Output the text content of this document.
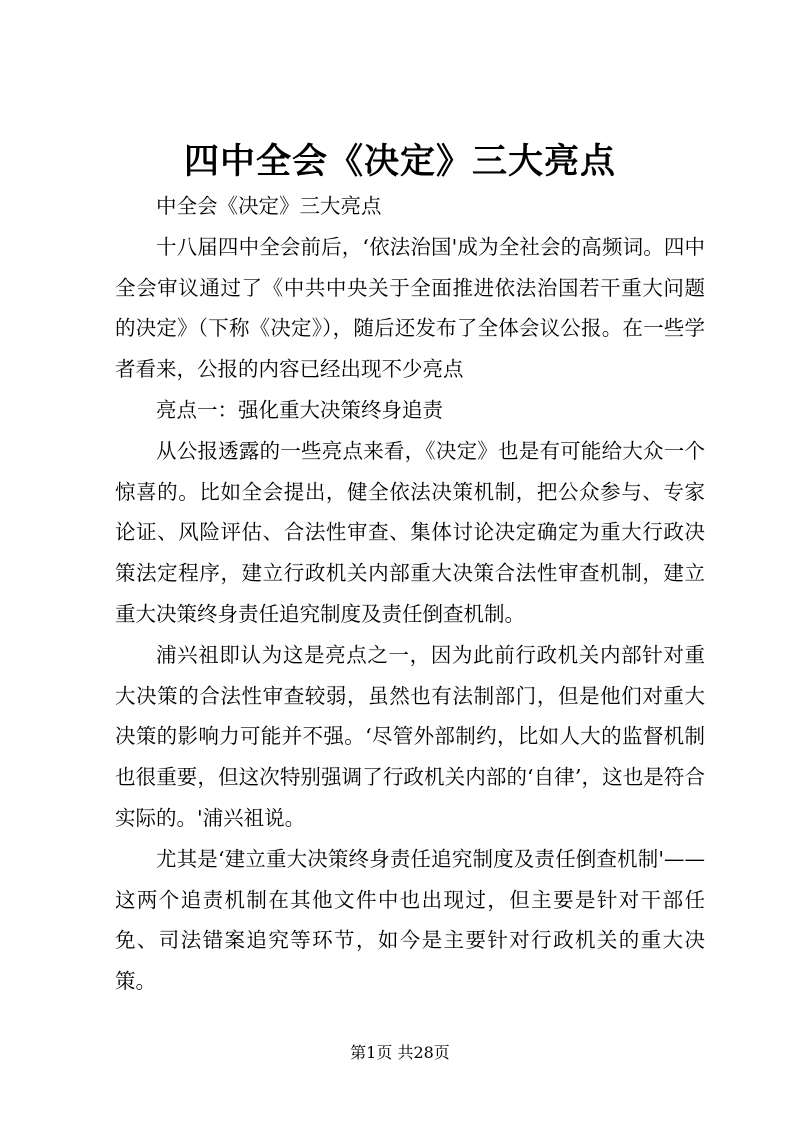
四中全会《决定》三大亮点

中全会《决定》三大亮点

十八届四中全会前后，‘依法治国'成为全社会的高频词。四中全会审议通过了《中共中央关于全面推进依法治国若干重大问题的决定》（下称《决定》），随后还发布了全体会议公报。在一些学者看来，公报的内容已经出现不少亮点

亮点一：强化重大决策终身追责

从公报透露的一些亮点来看，《决定》也是有可能给大众一个惊喜的。比如全会提出，健全依法决策机制，把公众参与、专家论证、风险评估、合法性审查、集体讨论决定确定为重大行政决策法定程序，建立行政机关内部重大决策合法性审查机制，建立重大决策终身责任追究制度及责任倒查机制。

浦兴祖即认为这是亮点之一，因为此前行政机关内部针对重大决策的合法性审查较弱，虽然也有法制部门，但是他们对重大决策的影响力可能并不强。‘尽管外部制约，比如人大的监督机制也很重要，但这次特别强调了行政机关内部的‘自律’，这也是符合实际的。'浦兴祖说。

尤其是‘建立重大决策终身责任追究制度及责任倒查机制'——这两个追责机制在其他文件中也出现过，但主要是针对干部任免、司法错案追究等环节，如今是主要针对行政机关的重大决策。

第1页 共28页
